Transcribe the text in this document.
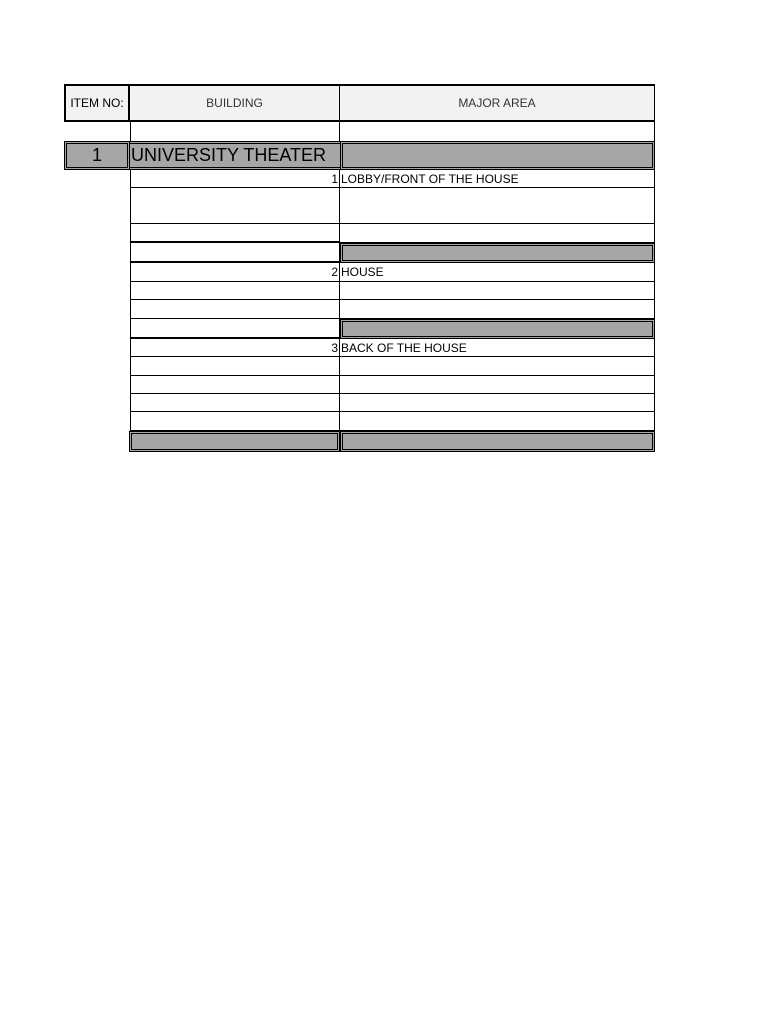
ITEM NO:	BUILDING	MAJOR AREA
1	UNIVERSITY THEATER
1 LOBBY/FRONT OF THE HOUSE
2 HOUSE
3 BACK OF THE HOUSE
